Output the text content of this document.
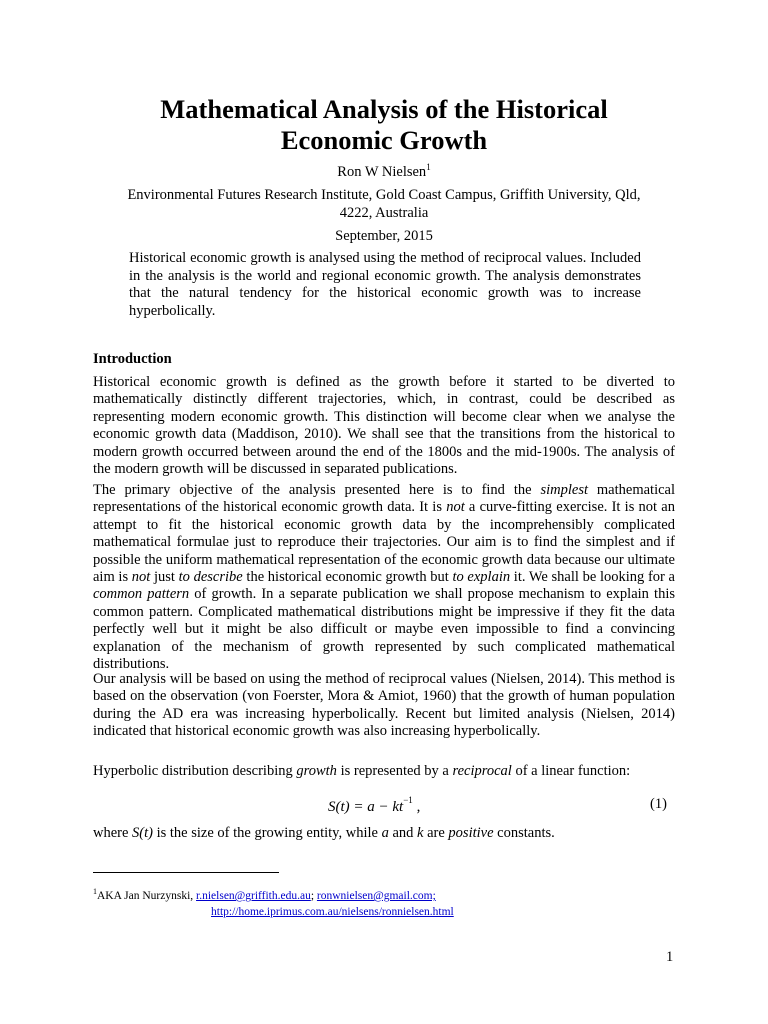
Mathematical Analysis of the Historical
Economic Growth
Ron W Nielsen$^1$
Environmental Futures Research Institute, Gold Coast Campus, Griffith University, Qld,
4222, Australia
September, 2015
Historical economic growth is analysed using the method of reciprocal values. Included in the analysis is the world and regional economic growth. The analysis demonstrates that the natural tendency for the historical economic growth was to increase hyperbolically.
Introduction

Historical economic growth is defined as the growth before it started to be diverted to mathematically distinctly different trajectories, which, in contrast, could be described as representing modern economic growth. This distinction will become clear when we analyse the economic growth data (Maddison, 2010). We shall see that the transitions from the historical to modern growth occurred between around the end of the 1800s and the mid-1900s. The analysis of the modern growth will be discussed in separated publications.

The primary objective of the analysis presented here is to find the simplest mathematical representations of the historical economic growth data. It is not a curve-fitting exercise. It is not an attempt to fit the historical economic growth data by the incomprehensibly complicated mathematical formulae just to reproduce their trajectories. Our aim is to find the simplest and if possible the uniform mathematical representation of the economic growth data because our ultimate aim is not just to describe the historical economic growth but to explain it. We shall be looking for a common pattern of growth. In a separate publication we shall propose mechanism to explain this common pattern. Complicated mathematical distributions might be impressive if they fit the data perfectly well but it might be also difficult or maybe even impossible to find a convincing explanation of the mechanism of growth represented by such complicated mathematical distributions.

Our analysis will be based on using the method of reciprocal values (Nielsen, 2014). This method is based on the observation (von Foerster, Mora & Amiot, 1960) that the growth of human population during the AD era was increasing hyperbolically. Recent but limited analysis (Nielsen, 2014) indicated that historical economic growth was also increasing hyperbolically.

Hyperbolic distribution describing growth is represented by a reciprocal of a linear function:

$S(t) = a - kt^{-1}$ ,	(1)

where S(t) is the size of the growing entity, while a and k are positive constants.

$^1$AKA Jan Nurzynski, r.nielsen@griffith.edu.au; ronwnielsen@gmail.com;
http://home.iprimus.com.au/nielsens/ronnielsen.html
1
